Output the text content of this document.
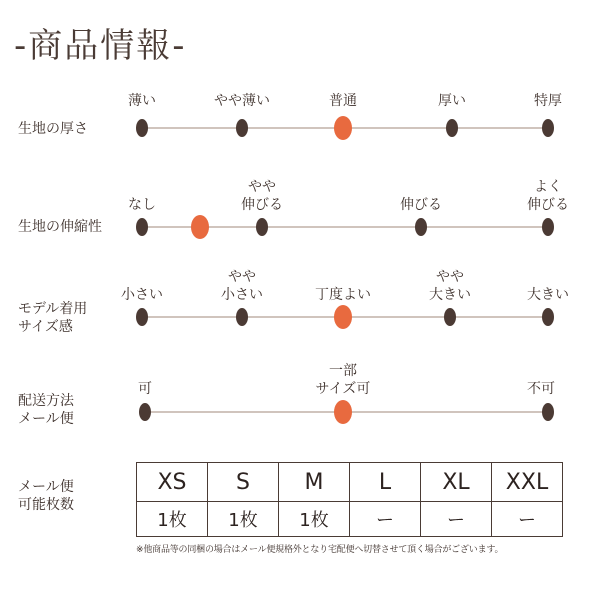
-商品情報-
生地の厚さ
薄い	やや薄い	普通	厚い	特厚
生地の伸縮性
なし
やや
伸びる	伸びる
よく
伸びる
モデル着用
サイズ感
小さい
やや
小さい	丁度よい
やや
大きい	大きい
配送方法
メール便
可
一部
サイズ可	不可
メール便
可能枚数
XS	S	M	L	XL	XXL
1枚	1枚	1枚	ー	ー	ー
※他商品等の同梱の場合はメール便規格外となり宅配便へ切替させて頂く場合がございます。
